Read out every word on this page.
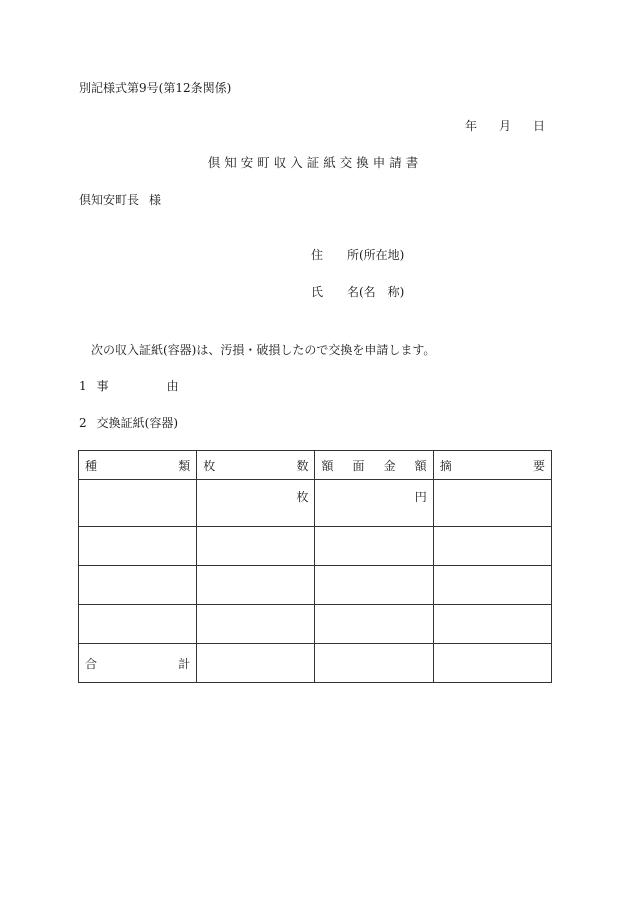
別記様式第9号(第12条関係)
年 月 日
倶知安町収入証紙交換申請書
倶知安町長 様
住　　所(所在地)
氏　　名(名　称)
次の収入証紙(容器)は、汚損・破損したので交換を申請します。
1 事	由
2 交換証紙(容器)
種 類	枚 数	額 面 金 額	摘 要

	枚	円	

合 計			
